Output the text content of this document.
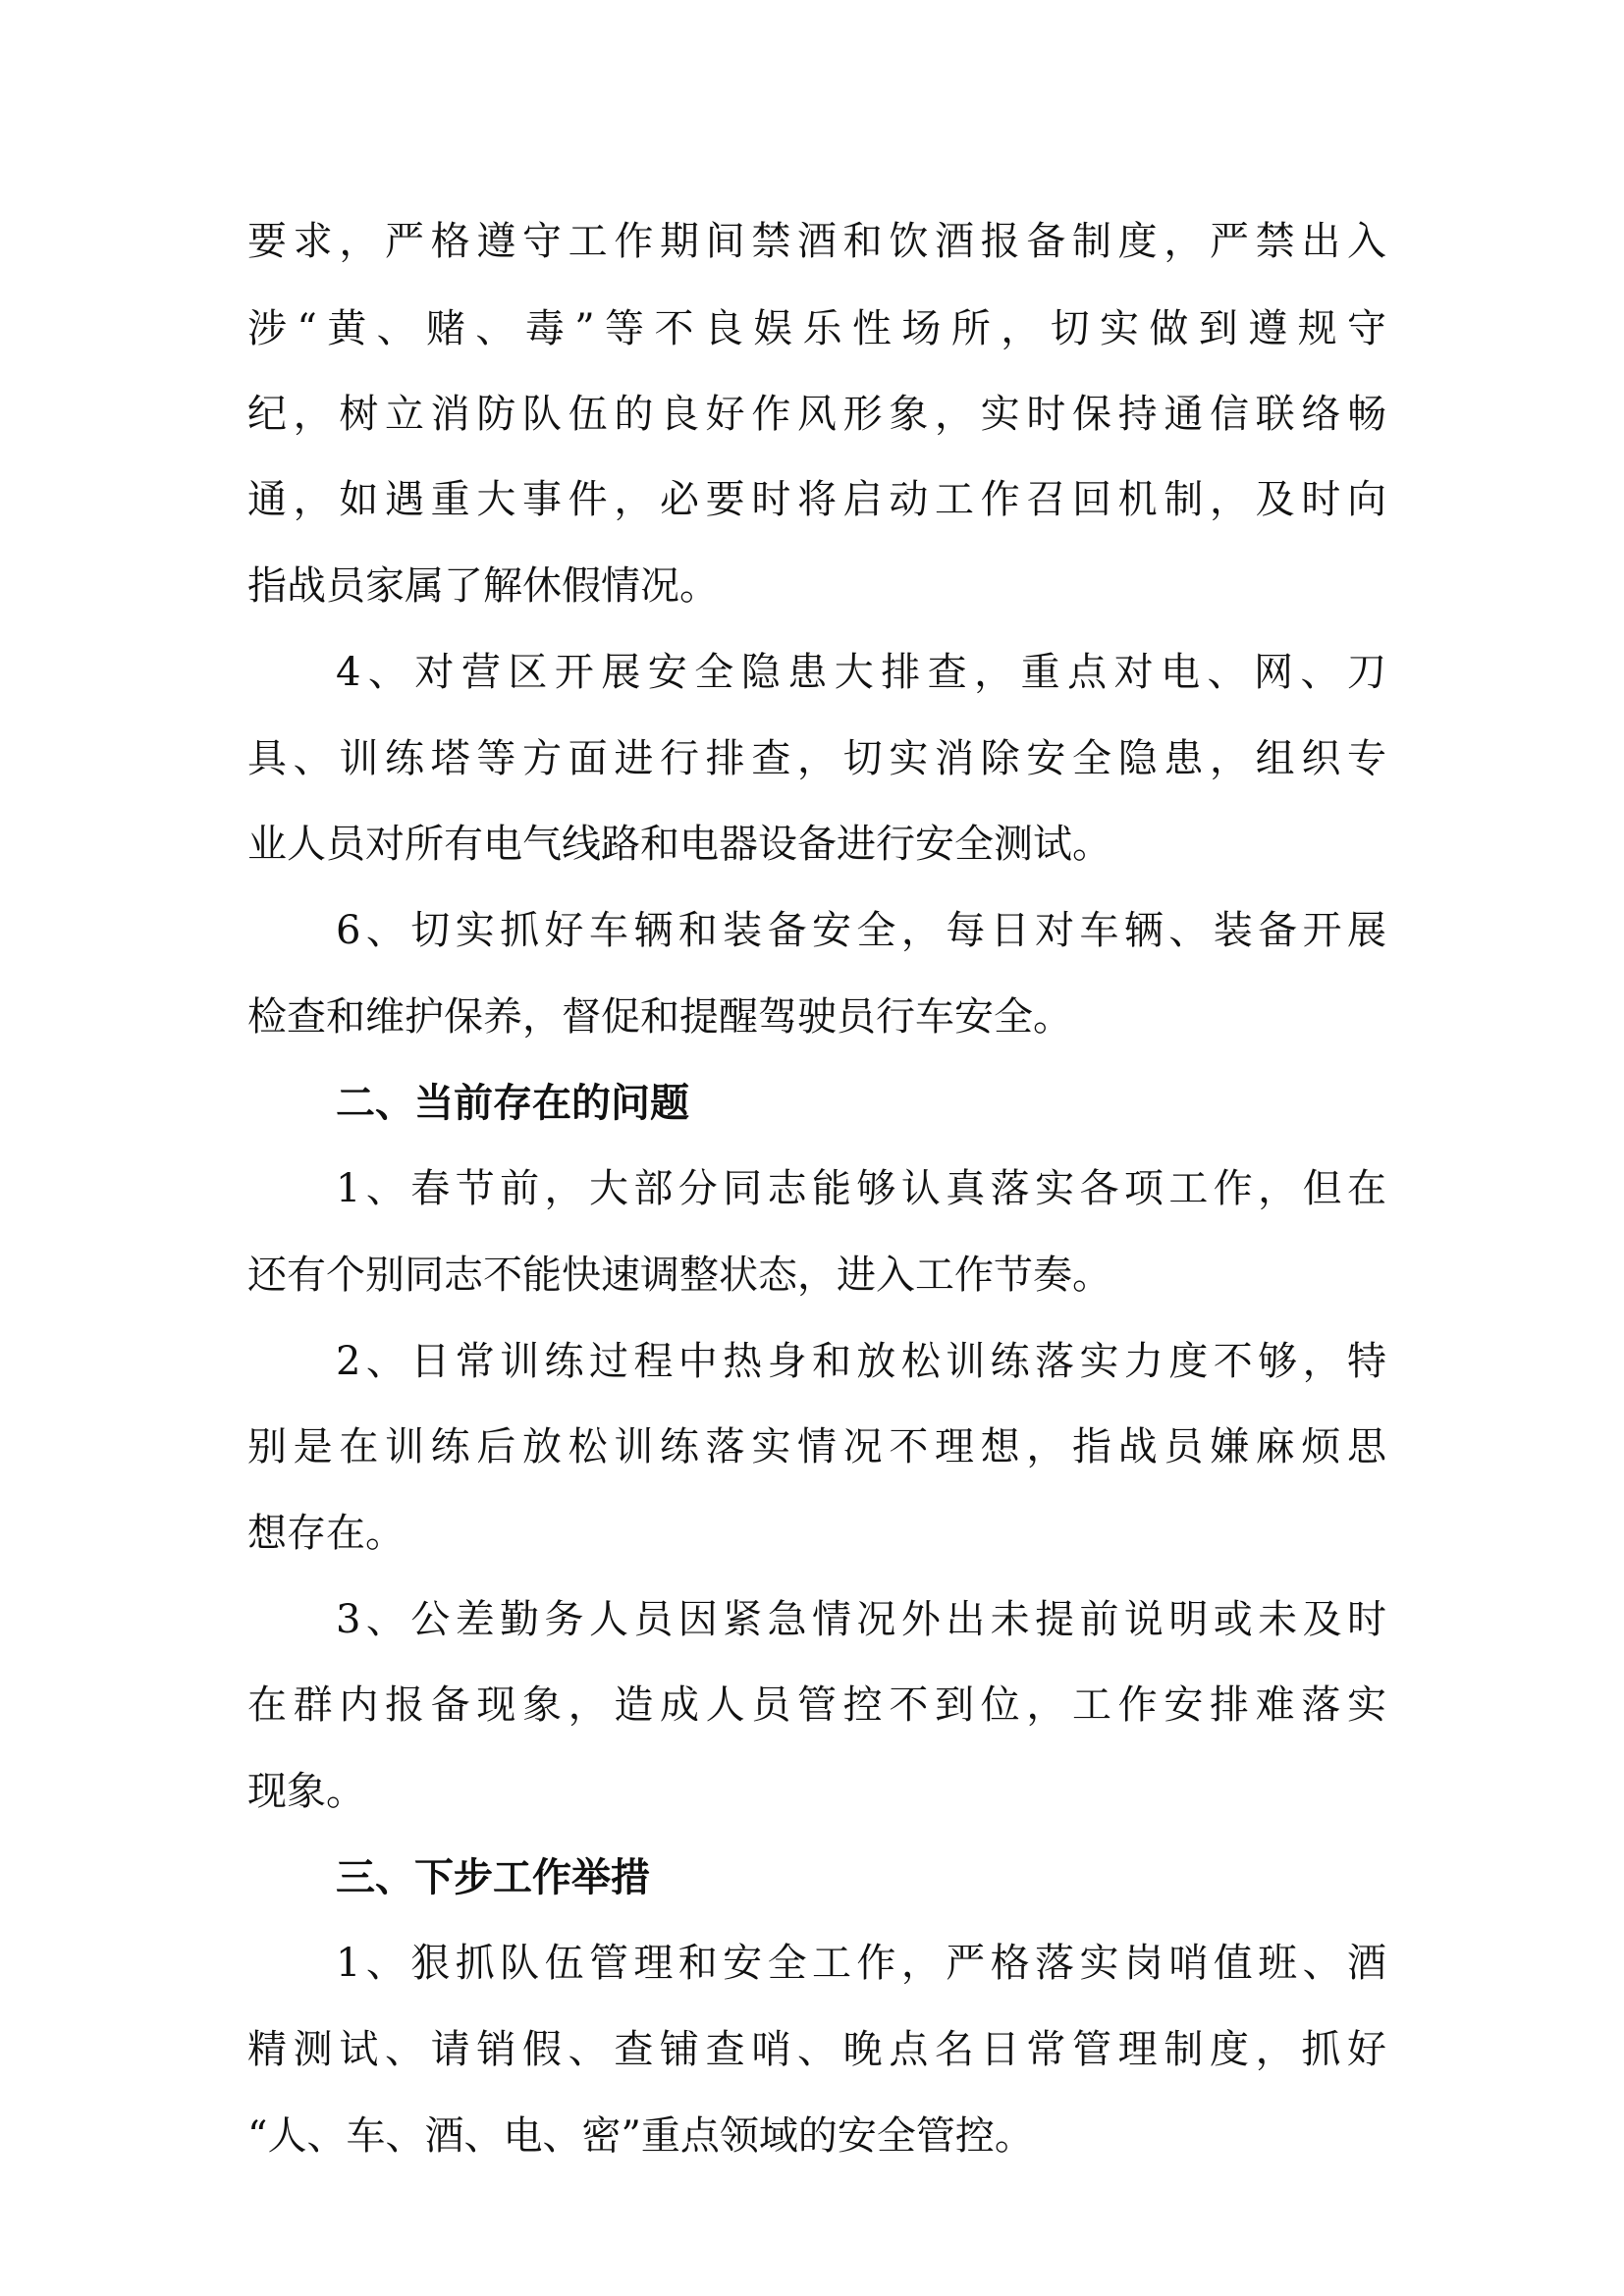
要求，严格遵守工作期间禁酒和饮酒报备制度，严禁出入
涉“黄、赌、毒”等不良娱乐性场所，切实做到遵规守
纪，树立消防队伍的良好作风形象，实时保持通信联络畅
通，如遇重大事件，必要时将启动工作召回机制，及时向
指战员家属了解休假情况。
4、对营区开展安全隐患大排查，重点对电、网、刀
具、训练塔等方面进行排查，切实消除安全隐患，组织专
业人员对所有电气线路和电器设备进行安全测试。
6、切实抓好车辆和装备安全，每日对车辆、装备开展
检查和维护保养，督促和提醒驾驶员行车安全。
二、当前存在的问题
1、春节前，大部分同志能够认真落实各项工作，但在
还有个别同志不能快速调整状态，进入工作节奏。
2、日常训练过程中热身和放松训练落实力度不够，特
别是在训练后放松训练落实情况不理想，指战员嫌麻烦思
想存在。
3、公差勤务人员因紧急情况外出未提前说明或未及时
在群内报备现象，造成人员管控不到位，工作安排难落实
现象。
三、下步工作举措
1、狠抓队伍管理和安全工作，严格落实岗哨值班、酒
精测试、请销假、查铺查哨、晚点名日常管理制度，抓好
“人、车、酒、电、密”重点领域的安全管控。
